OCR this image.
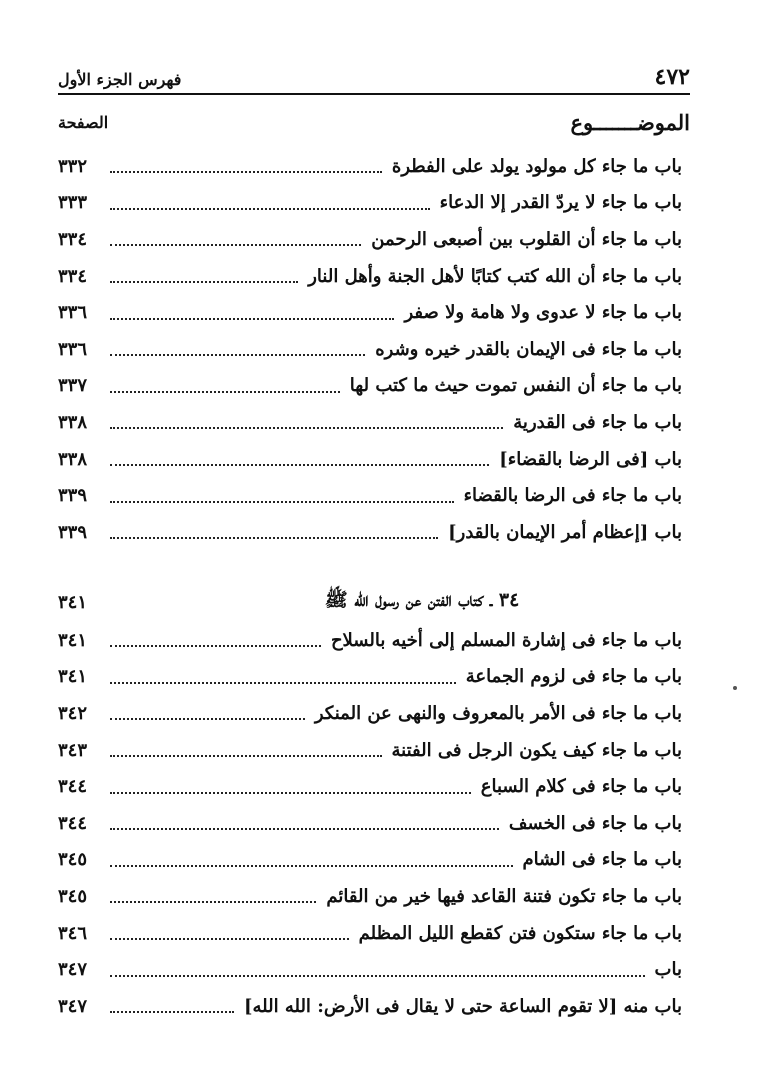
٤٧٢
فهرس الجزء الأول
الموضـــــــوع
الصفحة
باب ما جاء كل مولود يولد على الفطرة
٣٣٢
باب ما جاء لا يردّ القدر إلا الدعاء
٣٣٣
باب ما جاء أن القلوب بين أصبعى الرحمن
٣٣٤
باب ما جاء أن الله كتب كتابًا لأهل الجنة وأهل النار
٣٣٤
باب ما جاء لا عدوى ولا هامة ولا صفر
٣٣٦
باب ما جاء فى الإيمان بالقدر خيره وشره
٣٣٦
باب ما جاء أن النفس تموت حيث ما كتب لها
٣٣٧
باب ما جاء فى القدرية
٣٣٨
باب [فى الرضا بالقضاء]
٣٣٨
باب ما جاء فى الرضا بالقضاء
٣٣٩
باب [إعظام أمر الإيمان بالقدر]
٣٣٩
٣٤ ـ كتاب الفتن عن رسول الله ﷺ
٣٤١
باب ما جاء فى إشارة المسلم إلى أخيه بالسلاح
٣٤١
باب ما جاء فى لزوم الجماعة
٣٤١
باب ما جاء فى الأمر بالمعروف والنهى عن المنكر
٣٤٢
باب ما جاء كيف يكون الرجل فى الفتنة
٣٤٣
باب ما جاء فى كلام السباع
٣٤٤
باب ما جاء فى الخسف
٣٤٤
باب ما جاء فى الشام
٣٤٥
باب ما جاء تكون فتنة القاعد فيها خير من القائم
٣٤٥
باب ما جاء ستكون فتن كقطع الليل المظلم
٣٤٦
باب
٣٤٧
باب منه [لا تقوم الساعة حتى لا يقال فى الأرض: الله الله]
٣٤٧
